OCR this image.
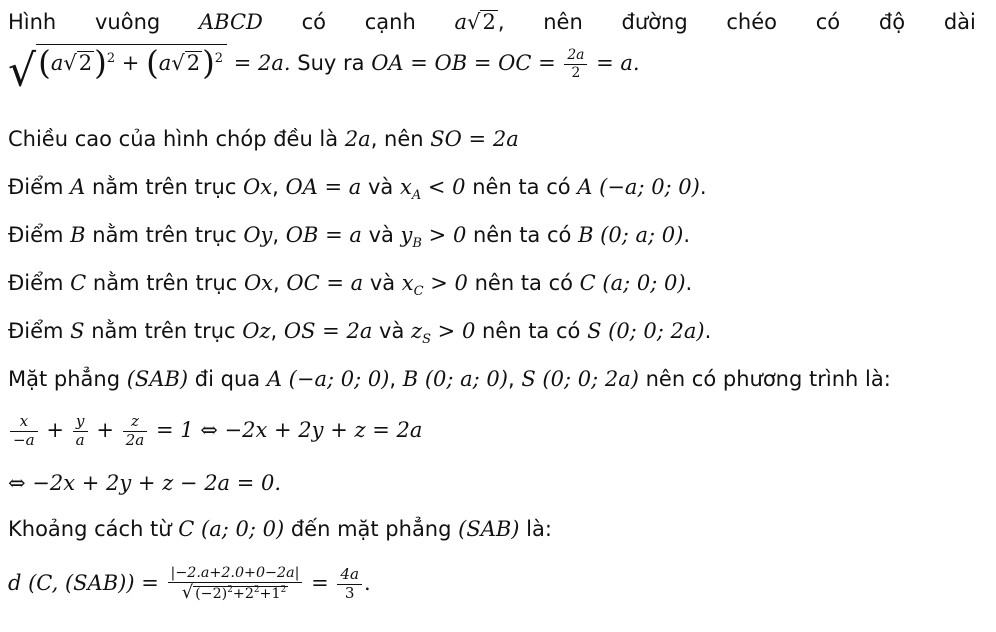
Hình vuông ABCD có cạnh a√2, nên đường chéo có độ dài
$√(a√2)^2 + (a√2)^2 = 2a$. Suy ra OA = OB = OC = $\frac{2a}{2} = a$.
Chiều cao của hình chóp đều là 2a, nên SO = 2a
Điểm A nằm trên trục Ox, OA = a và $x_A < 0$ nên ta có A (−a; 0; 0).
Điểm B nằm trên trục Oy, OB = a và $y_B > 0$ nên ta có B (0; a; 0).
Điểm C nằm trên trục Ox, OC = a và $x_C > 0$ nên ta có C (a; 0; 0).
Điểm S nằm trên trục Oz, OS = 2a và $z_S > 0$ nên ta có S (0; 0; 2a).
Mặt phẳng (SAB) đi qua A (−a; 0; 0), B (0; a; 0), S (0; 0; 2a) nên có phương trình là:
$\frac{x}{-a} + \frac{y}{a} + \frac{z}{2a} = 1$ ⇔ −2x + 2y + z = 2a
⇔ −2x + 2y + z − 2a = 0.
Khoảng cách từ C (a; 0; 0) đến mặt phẳng (SAB) là:
d (C, $(SAB)) = \frac{|-2.a+2.0+0-2a|}{√ (-2)^2+2^2+1^2} = \frac{4a}{3}$ .
